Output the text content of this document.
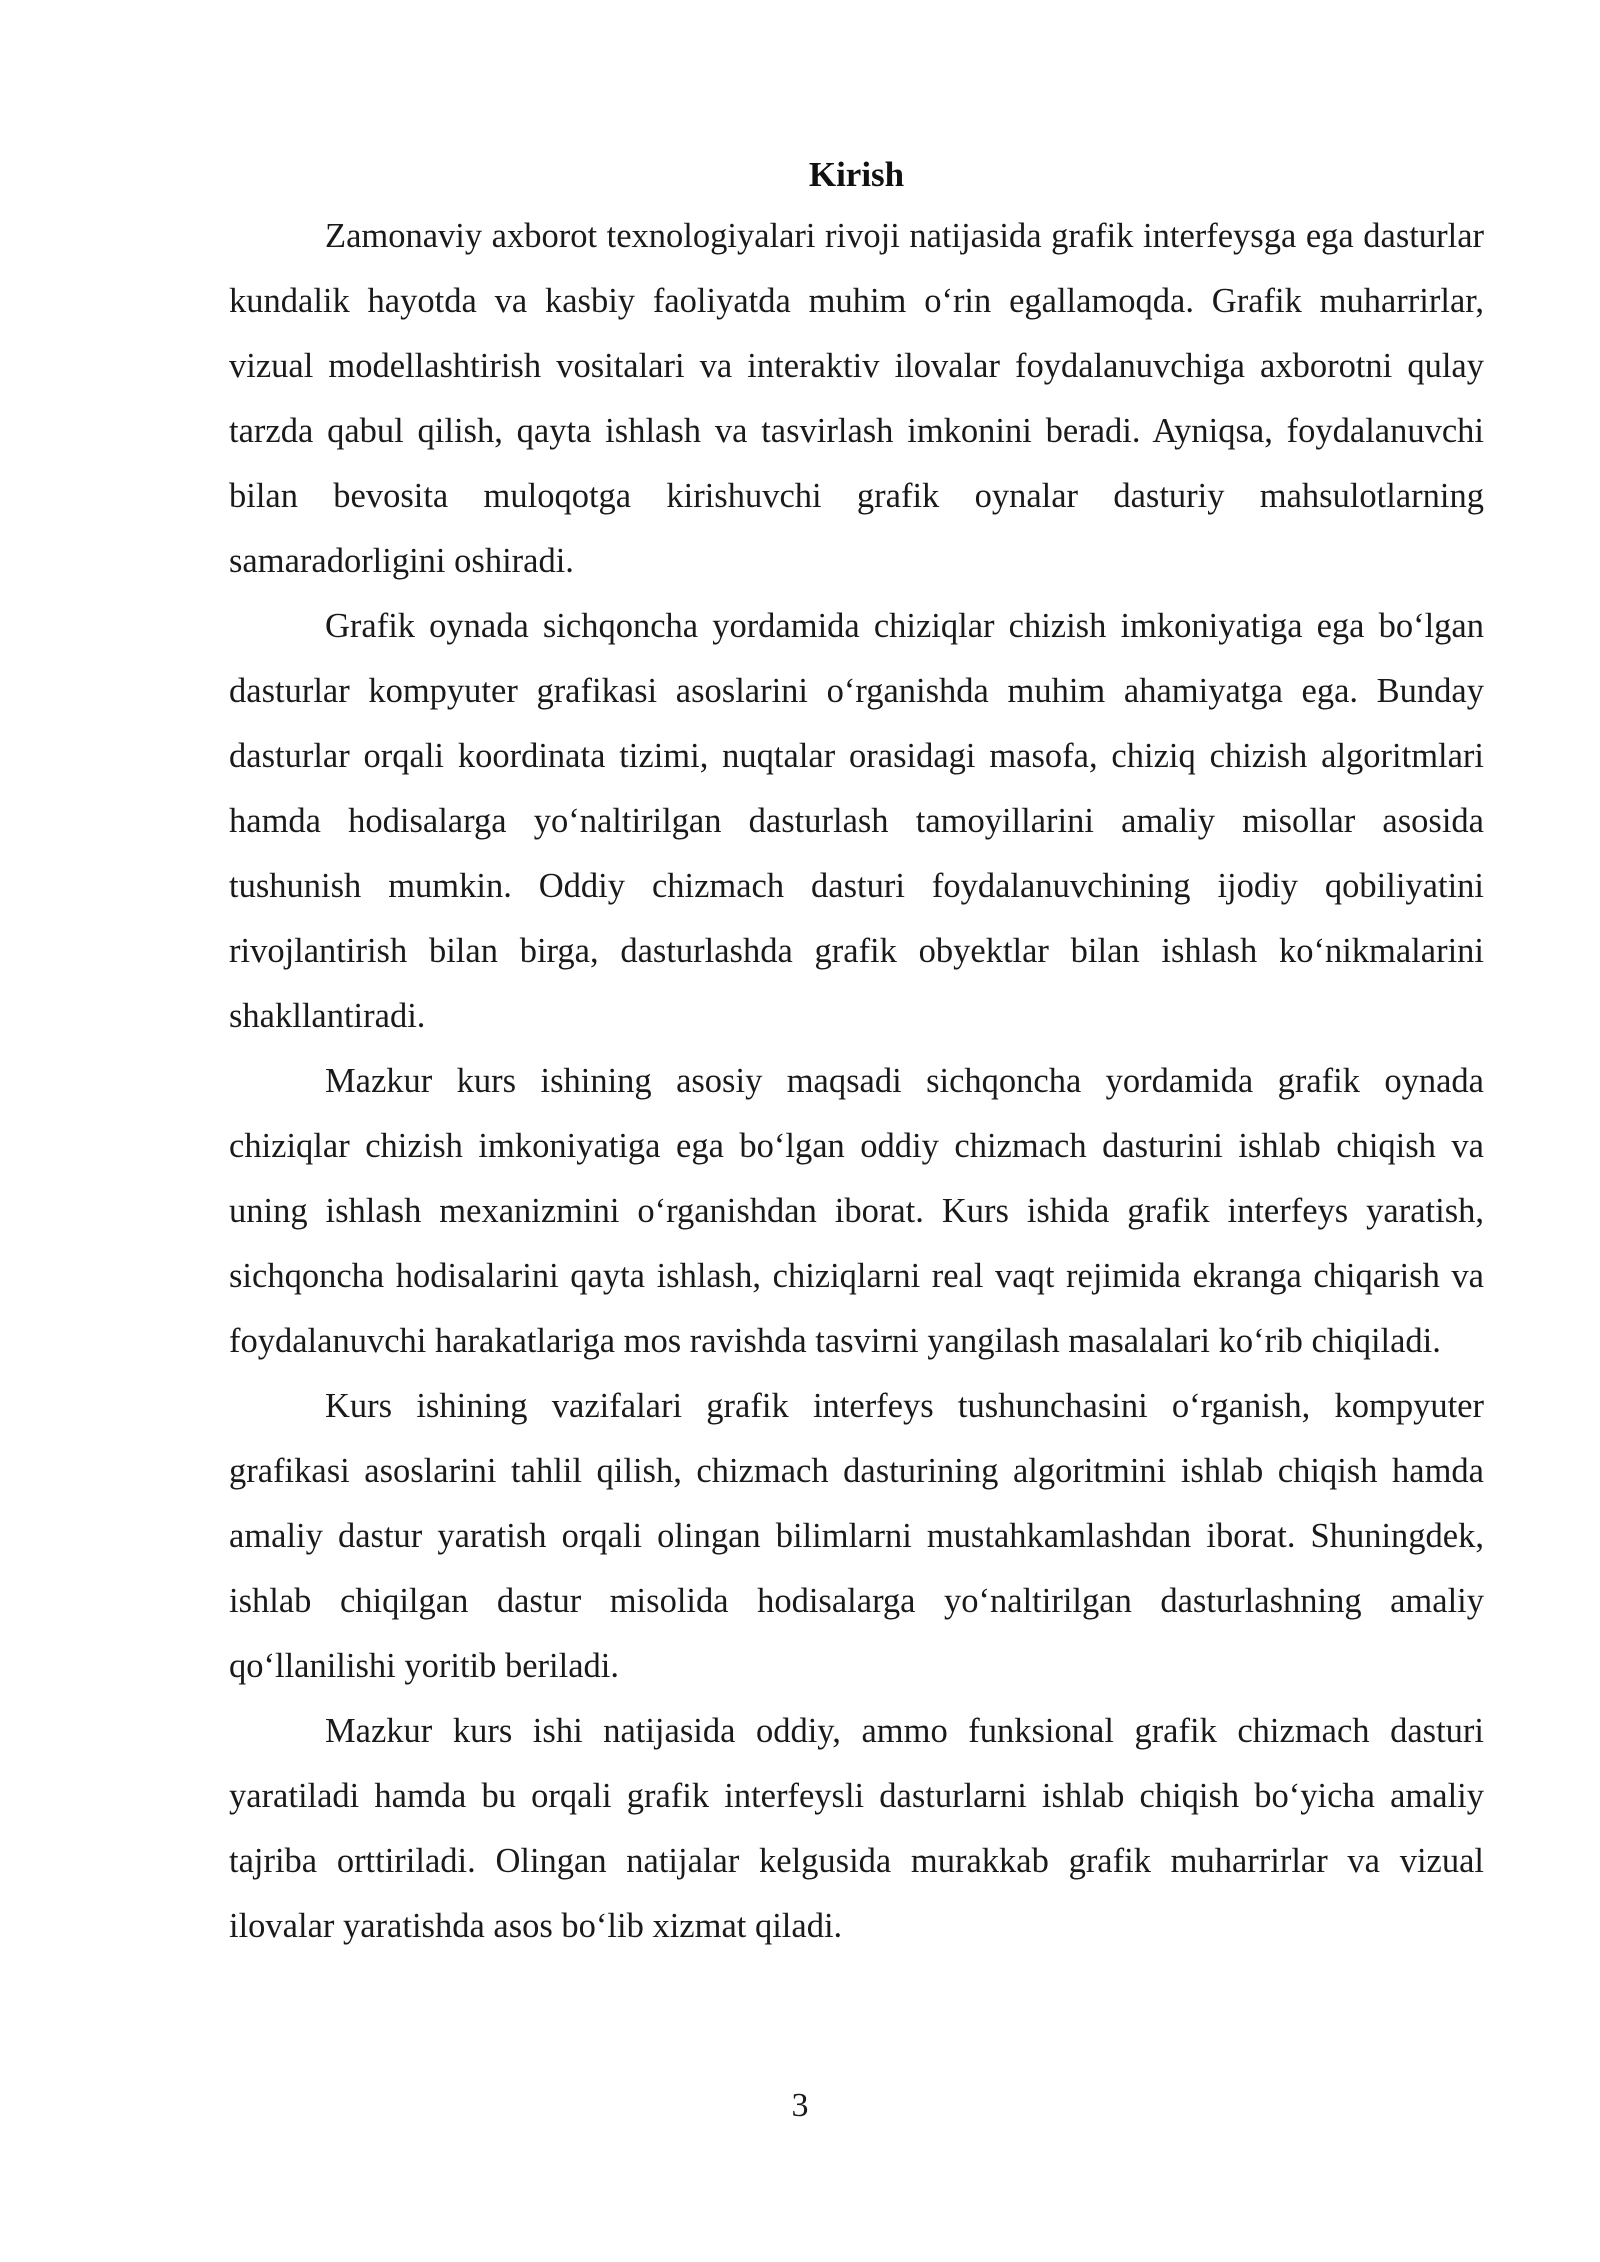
Kirish

Zamonaviy axborot texnologiyalari rivoji natijasida grafik interfeysga ega dasturlar kundalik hayotda va kasbiy faoliyatda muhim o‘rin egallamoqda. Grafik muharrirlar, vizual modellashtirish vositalari va interaktiv ilovalar foydalanuvchiga axborotni qulay tarzda qabul qilish, qayta ishlash va tasvirlash imkonini beradi. Ayniqsa, foydalanuvchi bilan bevosita muloqotga kirishuvchi grafik oynalar dasturiy mahsulotlarning samaradorligini oshiradi.

Grafik oynada sichqoncha yordamida chiziqlar chizish imkoniyatiga ega bo‘lgan dasturlar kompyuter grafikasi asoslarini o‘rganishda muhim ahamiyatga ega. Bunday dasturlar orqali koordinata tizimi, nuqtalar orasidagi masofa, chiziq chizish algoritmlari hamda hodisalarga yo‘naltirilgan dasturlash tamoyillarini amaliy misollar asosida tushunish mumkin. Oddiy chizmach dasturi foydalanuvchining ijodiy qobiliyatini rivojlantirish bilan birga, dasturlashda grafik obyektlar bilan ishlash ko‘nikmalarini shakllantiradi.

Mazkur kurs ishining asosiy maqsadi sichqoncha yordamida grafik oynada chiziqlar chizish imkoniyatiga ega bo‘lgan oddiy chizmach dasturini ishlab chiqish va uning ishlash mexanizmini o‘rganishdan iborat. Kurs ishida grafik interfeys yaratish, sichqoncha hodisalarini qayta ishlash, chiziqlarni real vaqt rejimida ekranga chiqarish va foydalanuvchi harakatlariga mos ravishda tasvirni yangilash masalalari ko‘rib chiqiladi.

Kurs ishining vazifalari grafik interfeys tushunchasini o‘rganish, kompyuter grafikasi asoslarini tahlil qilish, chizmach dasturining algoritmini ishlab chiqish hamda amaliy dastur yaratish orqali olingan bilimlarni mustahkamlashdan iborat. Shuningdek, ishlab chiqilgan dastur misolida hodisalarga yo‘naltirilgan dasturlashning amaliy qo‘llanilishi yoritib beriladi.

Mazkur kurs ishi natijasida oddiy, ammo funksional grafik chizmach dasturi yaratiladi hamda bu orqali grafik interfeysli dasturlarni ishlab chiqish bo‘yicha amaliy tajriba orttiriladi. Olingan natijalar kelgusida murakkab grafik muharrirlar va vizual ilovalar yaratishda asos bo‘lib xizmat qiladi.

3
